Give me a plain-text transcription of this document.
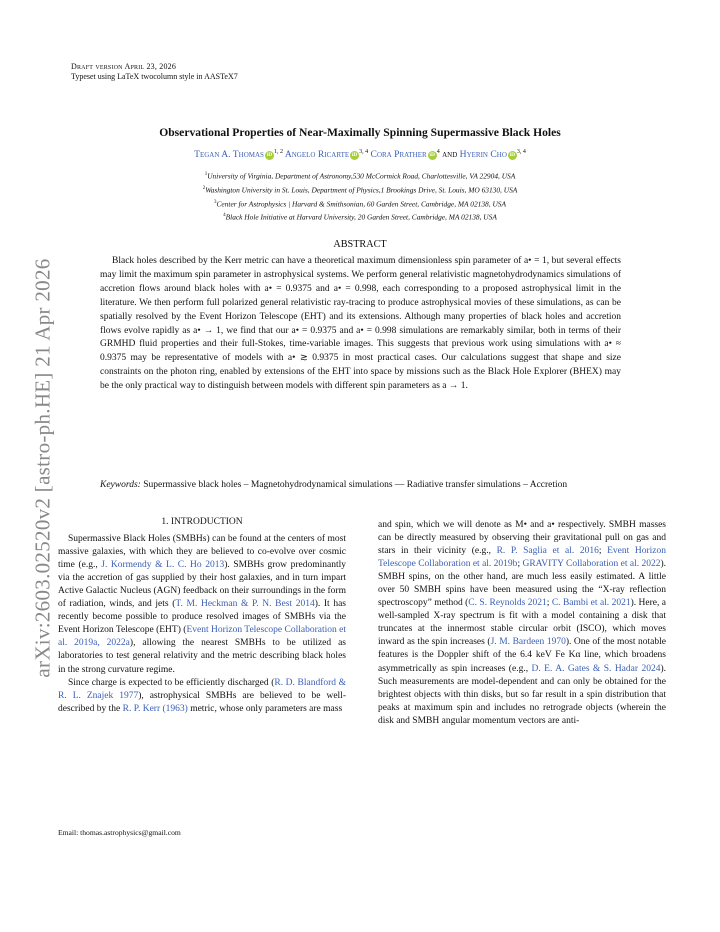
Draft version April 23, 2026
Typeset using LaTeX twocolumn style in AASTeX7
arXiv:2603.02520v2 [astro-ph.HE] 21 Apr 2026
Observational Properties of Near-Maximally Spinning Supermassive Black Holes
Tegan A. Thomas iD$^{1, 2}$ Angelo Ricarte iD$^{3, 4}$ Cora Prather $iD^4$ and Hyerin Cho iD$^{3, 4}$
$^1$University of Virginia, Department of Astronomy,530 McCormick Road, Charlottesville, VA 22904, USA
$^2$Washington University in St. Louis, Department of Physics,1 Brookings Drive, St. Louis, MO 63130, USA
$^3$Center for Astrophysics | Harvard & Smithsonian, 60 Garden Street, Cambridge, MA 02138, USA
$^4$Black Hole Initiative at Harvard University, 20 Garden Street, Cambridge, MA 02138, USA
ABSTRACT
Black holes described by the Kerr metric can have a theoretical maximum dimensionless spin parameter of a• = 1, but several effects may limit the maximum spin parameter in astrophysical systems. We perform general relativistic magnetohydrodynamics simulations of accretion flows around black holes with a• = 0.9375 and a• = 0.998, each corresponding to a proposed astrophysical limit in the literature. We then perform full polarized general relativistic ray-tracing to produce astrophysical movies of these simulations, as can be spatially resolved by the Event Horizon Telescope (EHT) and its extensions. Although many properties of black holes and accretion flows evolve rapidly as a• → 1, we find that our a• = 0.9375 and a• = 0.998 simulations are remarkably similar, both in terms of their GRMHD fluid properties and their full-Stokes, time-variable images. This suggests that previous work using simulations with a• ≈ 0.9375 may be representative of models with a• ≳ 0.9375 in most practical cases. Our calculations suggest that shape and size constraints on the photon ring, enabled by extensions of the EHT into space by missions such as the Black Hole Explorer (BHEX) may be the only practical way to distinguish between models with different spin parameters as a → 1.
Keywords: Supermassive black holes – Magnetohydrodynamical simulations — Radiative transfer simulations – Accretion
1. INTRODUCTION

Supermassive Black Holes (SMBHs) can be found at the centers of most massive galaxies, with which they are believed to co-evolve over cosmic time (e.g., J. Kormendy & L. C. Ho 2013). SMBHs grow predominantly via the accretion of gas supplied by their host galaxies, and in turn impart Active Galactic Nucleus (AGN) feedback on their surroundings in the form of radiation, winds, and jets (T. M. Heckman & P. N. Best 2014). It has recently become possible to produce resolved images of SMBHs via the Event Horizon Telescope (EHT) (Event Horizon Telescope Collaboration et al. 2019a, 2022a), allowing the nearest SMBHs to be utilized as laboratories to test general relativity and the metric describing black holes in the strong curvature regime.

Since charge is expected to be efficiently discharged (R. D. Blandford & R. L. Znajek 1977), astrophysical SMBHs are believed to be well-described by the R. P. Kerr (1963) metric, whose only parameters are mass

and spin, which we will denote as M• and a• respectively. SMBH masses can be directly measured by observing their gravitational pull on gas and stars in their vicinity (e.g., R. P. Saglia et al. 2016; Event Horizon Telescope Collaboration et al. 2019b; GRAVITY Collaboration et al. 2022). SMBH spins, on the other hand, are much less easily estimated. A little over 50 SMBH spins have been measured using the “X-ray reflection spectroscopy” method (C. S. Reynolds 2021; C. Bambi et al. 2021). Here, a well-sampled X-ray spectrum is fit with a model containing a disk that truncates at the innermost stable circular orbit (ISCO), which moves inward as the spin increases (J. M. Bardeen 1970). One of the most notable features is the Doppler shift of the 6.4 keV Fe Kα line, which broadens asymmetrically as spin increases (e.g., D. E. A. Gates & S. Hadar 2024). Such measurements are model-dependent and can only be obtained for the brightest objects with thin disks, but so far result in a spin distribution that peaks at maximum spin and includes no retrograde objects (wherein the disk and SMBH angular momentum vectors are anti-

Email: thomas.astrophysics@gmail.com
